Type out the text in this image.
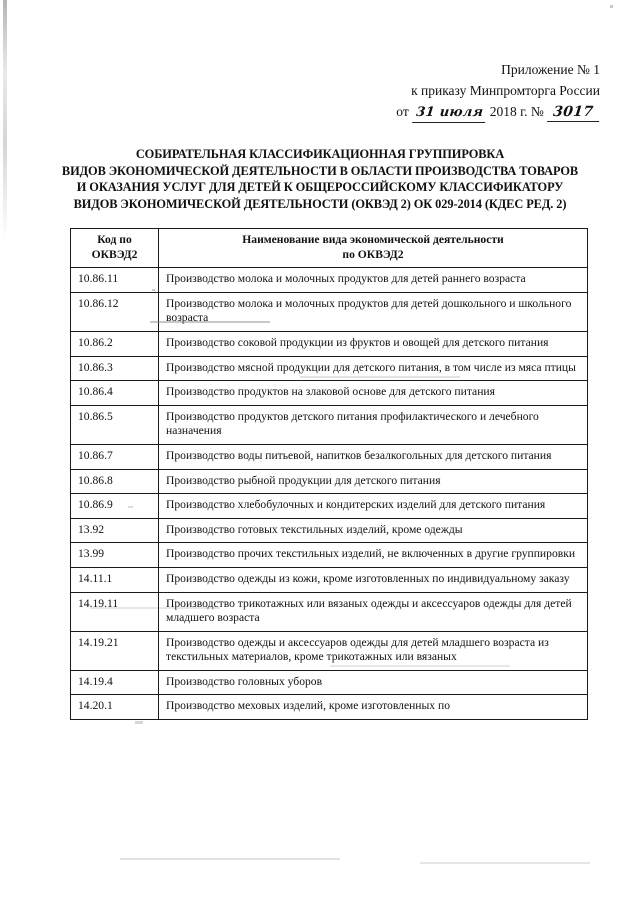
Приложение № 1
к приказу Минпромторга России
от 31 июля 2018 г. № 3017
СОБИРАТЕЛЬНАЯ КЛАССИФИКАЦИОННАЯ ГРУППИРОВКА
ВИДОВ ЭКОНОМИЧЕСКОЙ ДЕЯТЕЛЬНОСТИ В ОБЛАСТИ ПРОИЗВОДСТВА ТОВАРОВ
И ОКАЗАНИЯ УСЛУГ ДЛЯ ДЕТЕЙ К ОБЩЕРОССИЙСКОМУ КЛАССИФИКАТОРУ
ВИДОВ ЭКОНОМИЧЕСКОЙ ДЕЯТЕЛЬНОСТИ (ОКВЭД 2) ОК 029-2014 (КДЕС РЕД. 2)
Код по
ОКВЭД2	Наименование вида экономической деятельности
по ОКВЭД2

10.86.11	Производство молока и молочных продуктов для детей раннего возраста
10.86.12	Производство молока и молочных продуктов для детей дошкольного и школьного возраста
10.86.2	Производство соковой продукции из фруктов и овощей для детского питания
10.86.3	Производство мясной продукции для детского питания, в том числе из мяса птицы
10.86.4	Производство продуктов на злаковой основе для детского питания
10.86.5	Производство продуктов детского питания профилактического и лечебного назначения
10.86.7	Производство воды питьевой, напитков безалкогольных для детского питания
10.86.8	Производство рыбной продукции для детского питания
10.86.9	Производство хлебобулочных и кондитерских изделий для детского питания
13.92	Производство готовых текстильных изделий, кроме одежды
13.99	Производство прочих текстильных изделий, не включенных в другие группировки
14.11.1	Производство одежды из кожи, кроме изготовленных по индивидуальному заказу
14.19.11	Производство трикотажных или вязаных одежды и аксессуаров одежды для детей младшего возраста
14.19.21	Производство одежды и аксессуаров одежды для детей младшего возраста из текстильных материалов, кроме трикотажных или вязаных
14.19.4	Производство головных уборов
14.20.1	Производство меховых изделий, кроме изготовленных по
